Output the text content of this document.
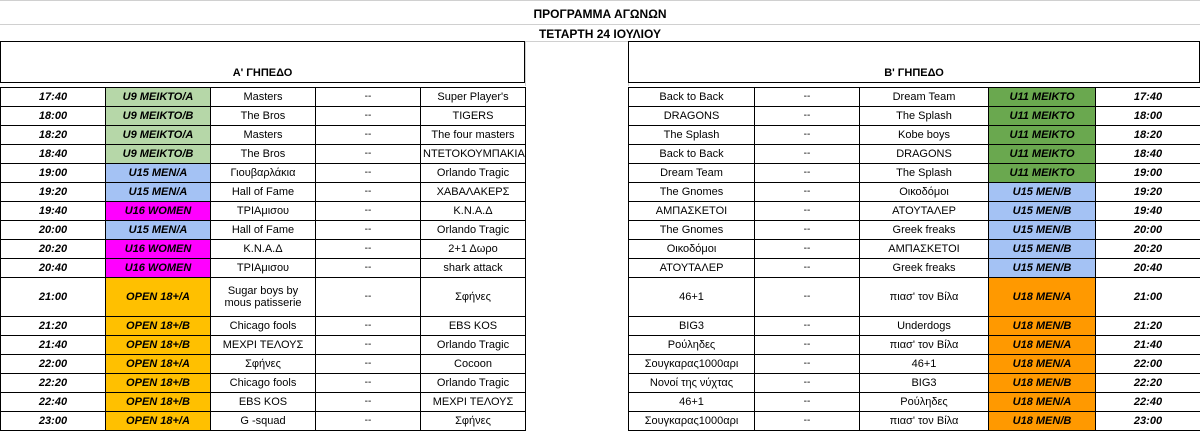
ΠΡΟΓΡΑΜΜΑ ΑΓΩΝΩΝ
ΤΕΤΑΡΤΗ 24 ΙΟΥΛΙΟΥ
Α' ΓΗΠΕΔΟ	Β' ΓΗΠΕΔΟ
17:40	U9 ΜΕΙΚΤΟ/Α	Masters	--	Super Player's
18:00	U9 ΜΕΙΚΤΟ/Β	The Bros	--	TIGERS
18:20	U9 ΜΕΙΚΤΟ/Α	Masters	--	The four masters
18:40	U9 ΜΕΙΚΤΟ/Β	The Bros	--	ΝΤΕΤΟΚΟΥΜΠΑΚΙΑ
19:00	U15 MEN/A	Γιουβαρλάκια	--	Orlando Tragic
19:20	U15 MEN/A	Hall of Fame	--	ΧΑΒΑΛΑΚΕΡΣ
19:40	U16 WOMEN	ΤΡΙΑμισου	--	Κ.Ν.Α.Δ
20:00	U15 MEN/A	Hall of Fame	--	Orlando Tragic
20:20	U16 WOMEN	Κ.Ν.Α.Δ	--	2+1 Δωρο
20:40	U16 WOMEN	ΤΡΙΑμισου	--	shark attack
21:00	OPEN 18+/A	Sugar boys by mous patisserie	--	Σφήνες
21:20	OPEN 18+/B	Chicago fools	--	EBS KOS
21:40	OPEN 18+/B	ΜΕΧΡΙ ΤΕΛΟΥΣ	--	Orlando Tragic
22:00	OPEN 18+/A	Σφήνες	--	Cocoon
22:20	OPEN 18+/B	Chicago fools	--	Orlando Tragic
22:40	OPEN 18+/B	EBS KOS	--	ΜΕΧΡΙ ΤΕΛΟΥΣ
23:00	OPEN 18+/A	G -squad	--	Σφήνες
Back to Back	--	Dream Team	U11 ΜΕΙΚΤΟ	17:40
DRAGONS	--	The Splash	U11 ΜΕΙΚΤΟ	18:00
The Splash	--	Kobe boys	U11 ΜΕΙΚΤΟ	18:20
Back to Back	--	DRAGONS	U11 ΜΕΙΚΤΟ	18:40
Dream Team	--	The Splash	U11 ΜΕΙΚΤΟ	19:00
The Gnomes	--	Οικοδόμοι	U15 MEN/B	19:20
ΑΜΠΑΣΚΕΤΟΙ	--	ΑΤΟΥΤΑΛΕΡ	U15 MEN/B	19:40
The Gnomes	--	Greek freaks	U15 MEN/B	20:00
Οικοδόμοι	--	ΑΜΠΑΣΚΕΤΟΙ	U15 MEN/B	20:20
ΑΤΟΥΤΑΛΕΡ	--	Greek freaks	U15 MEN/B	20:40
46+1	--	πιασ' τον Βίλα	U18 MEN/A	21:00
BIG3	--	Underdogs	U18 MEN/B	21:20
Ρούληδες	--	πιασ' τον Βίλα	U18 MEN/A	21:40
Σουγκαρας1000αρι	--	46+1	U18 MEN/A	22:00
Νονοί της νύχτας	--	BIG3	U18 MEN/B	22:20
46+1	--	Ρούληδες	U18 MEN/A	22:40
Σουγκαρας1000αρι	--	πιασ' τον Βίλα	U18 MEN/B	23:00
